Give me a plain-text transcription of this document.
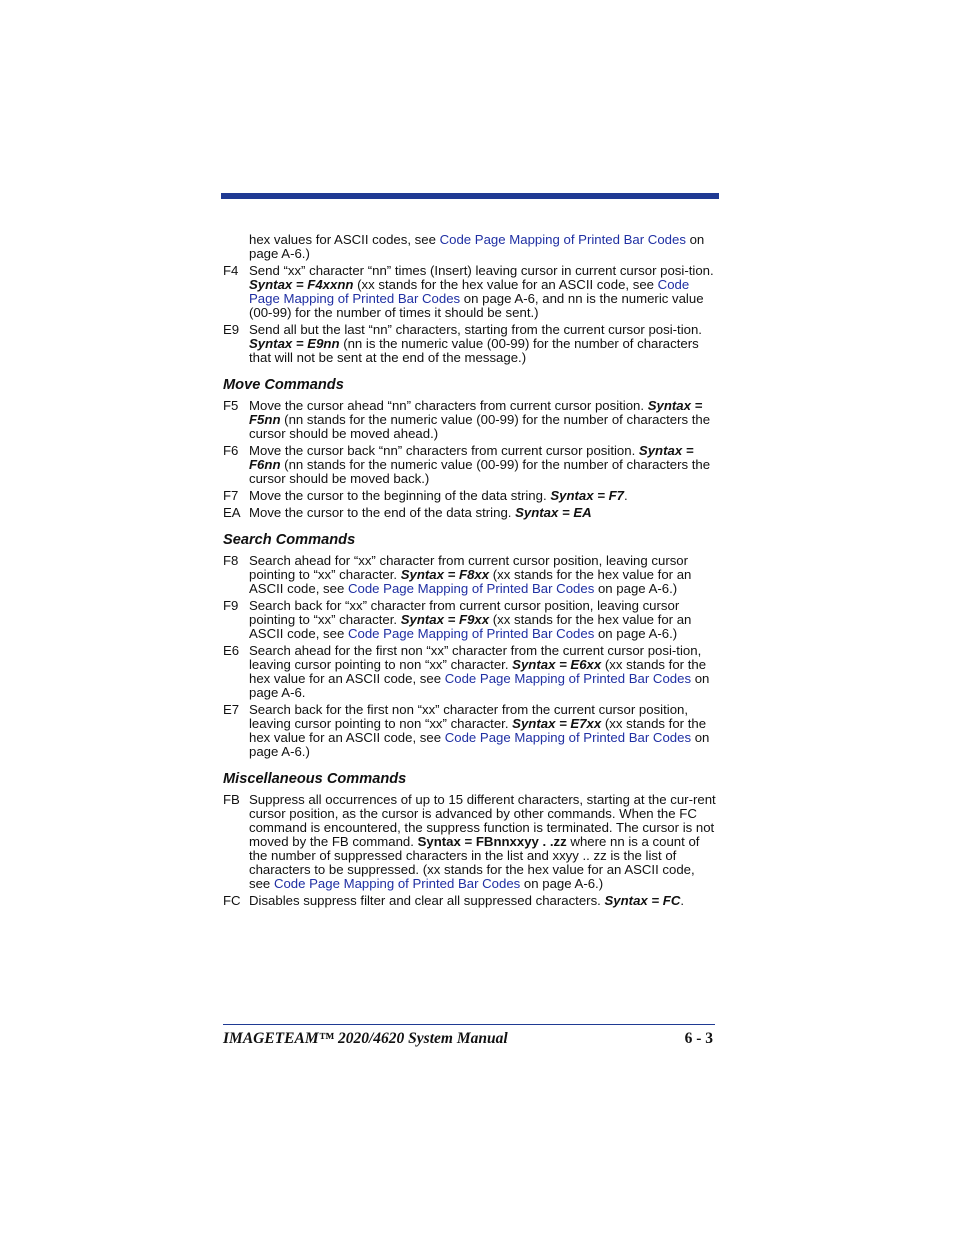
hex values for ASCII codes, see Code Page Mapping of Printed Bar Codes on page A-6.)
F4 Send “xx” character “nn” times (Insert) leaving cursor in current cursor posi-tion. Syntax = F4xxnn (xx stands for the hex value for an ASCII code, see Code Page Mapping of Printed Bar Codes on page A-6, and nn is the numeric value (00-99) for the number of times it should be sent.)
E9 Send all but the last “nn” characters, starting from the current cursor posi-tion. Syntax = E9nn (nn is the numeric value (00-99) for the number of characters that will not be sent at the end of the message.)
Move Commands
F5 Move the cursor ahead “nn” characters from current cursor position. Syntax = F5nn (nn stands for the numeric value (00-99) for the number of characters the cursor should be moved ahead.)
F6 Move the cursor back “nn” characters from current cursor position. Syntax = F6nn (nn stands for the numeric value (00-99) for the number of characters the cursor should be moved back.)
F7 Move the cursor to the beginning of the data string. Syntax = F7.
EA Move the cursor to the end of the data string. Syntax = EA
Search Commands
F8 Search ahead for “xx” character from current cursor position, leaving cursor pointing to “xx” character. Syntax = F8xx (xx stands for the hex value for an ASCII code, see Code Page Mapping of Printed Bar Codes on page A-6.)
F9 Search back for “xx” character from current cursor position, leaving cursor pointing to “xx” character. Syntax = F9xx (xx stands for the hex value for an ASCII code, see Code Page Mapping of Printed Bar Codes on page A-6.)
E6 Search ahead for the first non “xx” character from the current cursor posi-tion, leaving cursor pointing to non “xx” character. Syntax = E6xx (xx stands for the hex value for an ASCII code, see Code Page Mapping of Printed Bar Codes on page A-6.
E7 Search back for the first non “xx” character from the current cursor position, leaving cursor pointing to non “xx” character. Syntax = E7xx (xx stands for the hex value for an ASCII code, see Code Page Mapping of Printed Bar Codes on page A-6.)
Miscellaneous Commands
FB Suppress all occurrences of up to 15 different characters, starting at the cur-rent cursor position, as the cursor is advanced by other commands. When the FC command is encountered, the suppress function is terminated. The cursor is not moved by the FB command. Syntax = FBnnxxyy . .zz where nn is a count of the number of suppressed characters in the list and xxyy .. zz is the list of characters to be suppressed. (xx stands for the hex value for an ASCII code, see Code Page Mapping of Printed Bar Codes on page A-6.)
FC Disables suppress filter and clear all suppressed characters. Syntax = FC.
IMAGETEAM™ 2020/4620 System Manual	6 - 3
